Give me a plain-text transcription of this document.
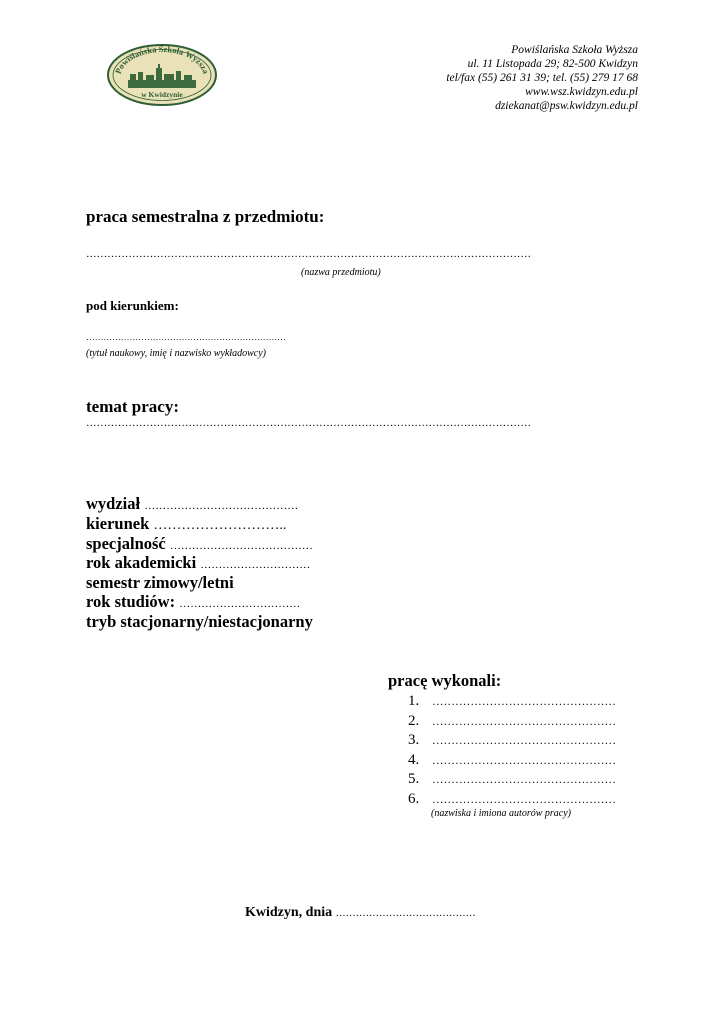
Powiślańska Szkoła Wyższa
w Kwidzynie
Powiślańska Szkoła Wyższa
ul. 11 Listopada 29; 82-500 Kwidzyn
tel/fax (55) 261 31 39; tel. (55) 279 17 68
www.wsz.kwidzyn.edu.pl
dziekanat@psw.kwidzyn.edu.pl
praca semestralna z przedmiotu:
………………………………………………………………………………………………………………
(nazwa przedmiotu)
pod kierunkiem:
……………………………………………………………
(tytuł naukowy, imię i nazwisko wykładowcy)
temat pracy:
………………………………………………………………………………………………………………
wydział ……………………………………
kierunek ………………………..
specjalność …………………………………
rok akademicki …………………………
semestr zimowy/letni
rok studiów: ……………………………
tryb stacjonarny/niestacjonarny
pracę wykonali:
1. …………………………………………
2. …………………………………………
3. …………………………………………
4. …………………………………………
5. …………………………………………
6. …………………………………………
(nazwiska i imiona autorów pracy)
Kwidzyn, dnia ……………………………………
